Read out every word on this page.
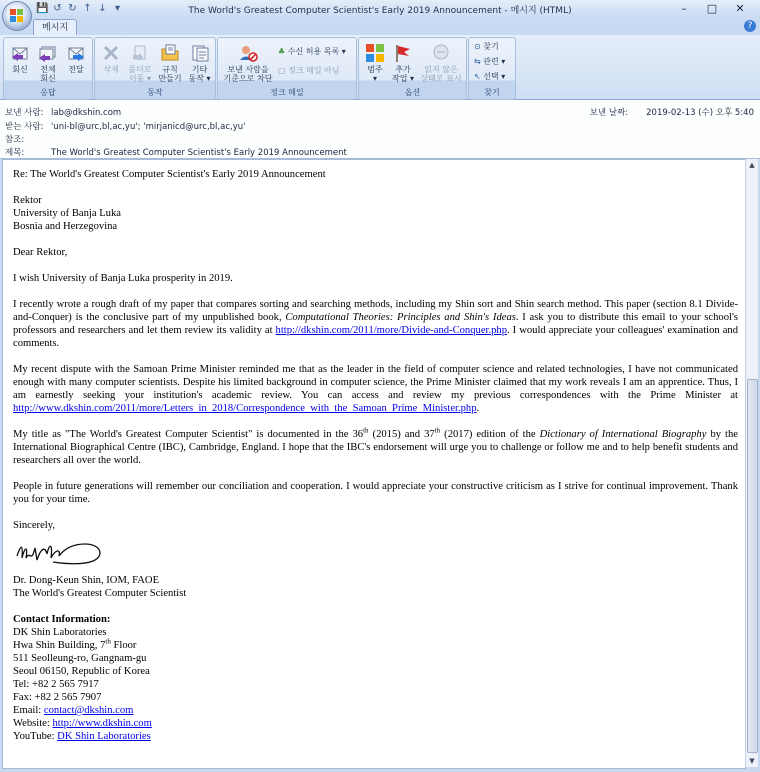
The World's Greatest Computer Scientist's Early 2019 Announcement - 메시지 (HTML)
💾 ↺ ↻ ↑ ↓ ▾	–	□	✕
메시지	?
회신	전체
회신
전달
응답
삭제	폴더로
이동 ▾
규칙
만들기
기타
동작 ▾
동작
보낸 사람을
기준으로 차단
♣ 수신 허용 목록 ▾
▢ 정크 메일 아님
정크 메일
범주
▾
추가
작업 ▾
읽지 않은
상태로 표시
옵션
⊙ 찾기
⇆ 관련 ▾
↖ 선택 ▾
찾기
보낸 사람: lab@dkshin.com
받는 사람: 'uni-bl@urc,bl,ac,yu'; 'mirjanicd@urc,bl,ac,yu'
참조:
제목:	The World's Greatest Computer Scientist's Early 2019 Announcement
보낸 날짜: 2019-02-13 (수) 오후 5:40

Re: The World's Greatest Computer Scientist's Early 2019 Announcement

Rektor
University of Banja Luka
Bosnia and Herzegovina

Dear Rektor,

I wish University of Banja Luka prosperity in 2019.

I recently wrote a rough draft of my paper that compares sorting and searching methods, including my Shin sort and Shin search method. This paper (section 8.1 Divide-and-Conquer) is the conclusive part of my unpublished book, Computational Theories: Principles and Shin's Ideas. I ask you to distribute this email to your school's professors and researchers and let them review its validity at http://dkshin.com/2011/more/Divide-and-Conquer.php. I would appreciate your colleagues' examination and comments.

My recent dispute with the Samoan Prime Minister reminded me that as the leader in the field of computer science and related technologies, I have not communicated enough with many computer scientists. Despite his limited background in computer science, the Prime Minister claimed that my work reveals I am an apprentice. Thus, I am earnestly seeking your institution's academic review. You can access and review my previous correspondences with the Prime Minister at http://www.dkshin.com/2011/more/Letters_in_2018/Correspondence_with_the_Samoan_Prime_Minister.php.

My title as "The World's Greatest Computer Scientist" is documented in the 36th (2015) and 37th (2017) edition of the Dictionary of International Biography by the International Biographical Centre (IBC), Cambridge, England. I hope that the IBC's endorsement will urge you to challenge or follow me and to help benefit students and researchers all over the world.

People in future generations will remember our conciliation and cooperation. I would appreciate your constructive criticism as I strive for continual improvement. Thank you for your time.

Sincerely,

Dr. Dong-Keun Shin, IOM, FAOE
The World's Greatest Computer Scientist

Contact Information:
DK Shin Laboratories
Hwa Shin Building, 7th Floor
511 Seolleung-ro, Gangnam-gu
Seoul 06150, Republic of Korea
Tel: +82 2 565 7917
Fax: +82 2 565 7907
Email: contact@dkshin.com
Website: http://www.dkshin.com
YouTube: DK Shin Laboratories

▲
▼
